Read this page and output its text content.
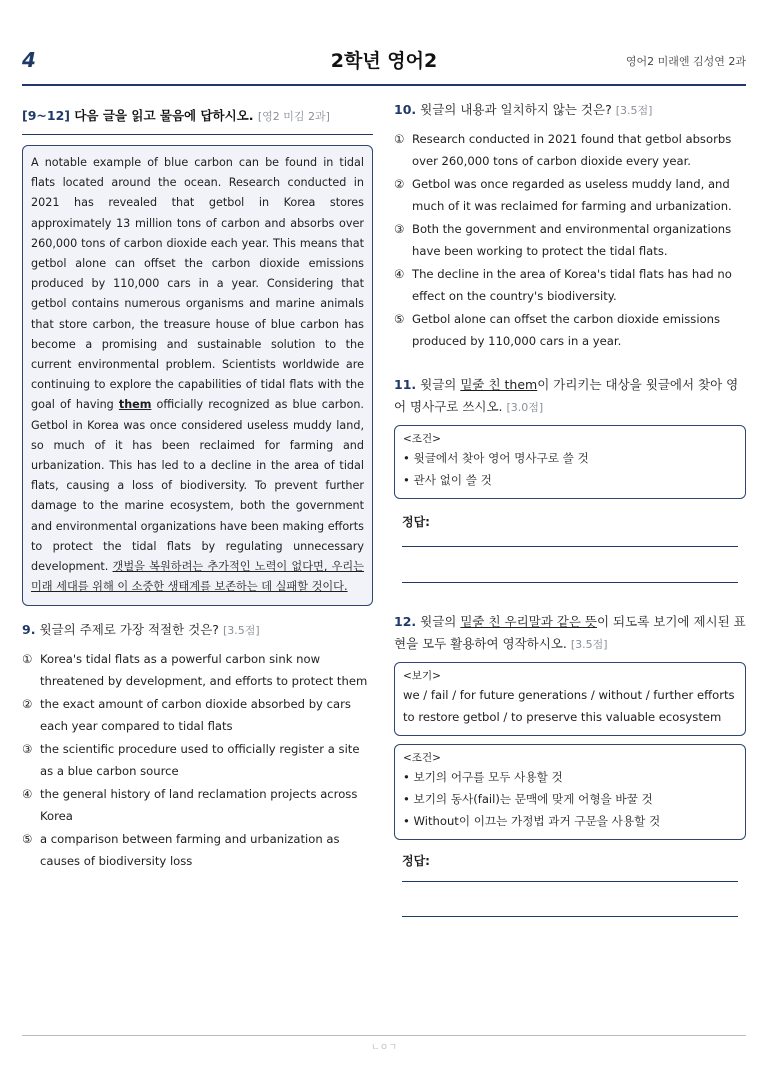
2학년 영어2
4	영어2 미래엔 김성연 2과
[9~12] 다음 글을 읽고 물음에 답하시오. [영2 미김 2과]
A notable example of blue carbon can be found in tidal flats located around the ocean. Research conducted in 2021 has revealed that getbol in Korea stores approximately 13 million tons of carbon and absorbs over 260,000 tons of carbon dioxide each year. This means that getbol alone can offset the carbon dioxide emissions produced by 110,000 cars in a year. Considering that getbol contains numerous organisms and marine animals that store carbon, the treasure house of blue carbon has become a promising and sustainable solution to the current environmental problem. Scientists worldwide are continuing to explore the capabilities of tidal flats with the goal of having them officially recognized as blue carbon. Getbol in Korea was once considered useless muddy land, so much of it has been reclaimed for farming and urbanization. This has led to a decline in the area of tidal flats, causing a loss of biodiversity. To prevent further damage to the marine ecosystem, both the government and environmental organizations have been making efforts to protect the tidal flats by regulating unnecessary development. 갯벌을 복원하려는 추가적인 노력이 없다면, 우리는 미래 세대를 위해 이 소중한 생태계를 보존하는 데 실패할 것이다.
9. 윗글의 주제로 가장 적절한 것은? [3.5점]
① Korea's tidal flats as a powerful carbon sink now threatened by development, and efforts to protect them
② the exact amount of carbon dioxide absorbed by cars each year compared to tidal flats
③ the scientific procedure used to officially register a site as a blue carbon source
④ the general history of land reclamation projects across Korea
⑤ a comparison between farming and urbanization as causes of biodiversity loss
10. 윗글의 내용과 일치하지 않는 것은? [3.5점]
① Research conducted in 2021 found that getbol absorbs over 260,000 tons of carbon dioxide every year.
② Getbol was once regarded as useless muddy land, and much of it was reclaimed for farming and urbanization.
③ Both the government and environmental organizations have been working to protect the tidal flats.
④ The decline in the area of Korea's tidal flats has had no effect on the country's biodiversity.
⑤ Getbol alone can offset the carbon dioxide emissions produced by 110,000 cars in a year.
11. 윗글의 밑줄 친 them이 가리키는 대상을 윗글에서 찾아 영어 명사구로 쓰시오. [3.0점]
<조건>
• 윗글에서 찾아 영어 명사구로 쓸 것
• 관사 없이 쓸 것
정답:
12. 윗글의 밑줄 친 우리말과 같은 뜻이 되도록 보기에 제시된 표현을 모두 활용하여 영작하시오. [3.5점]
<보기>
we / fail / for future generations / without / further efforts to restore getbol / to preserve this valuable ecosystem
<조건>
• 보기의 어구를 모두 사용할 것
• 보기의 동사(fail)는 문맥에 맞게 어형을 바꿀 것
• Without이 이끄는 가정법 과거 구문을 사용할 것
정답:
ㄴㅇㄱ
